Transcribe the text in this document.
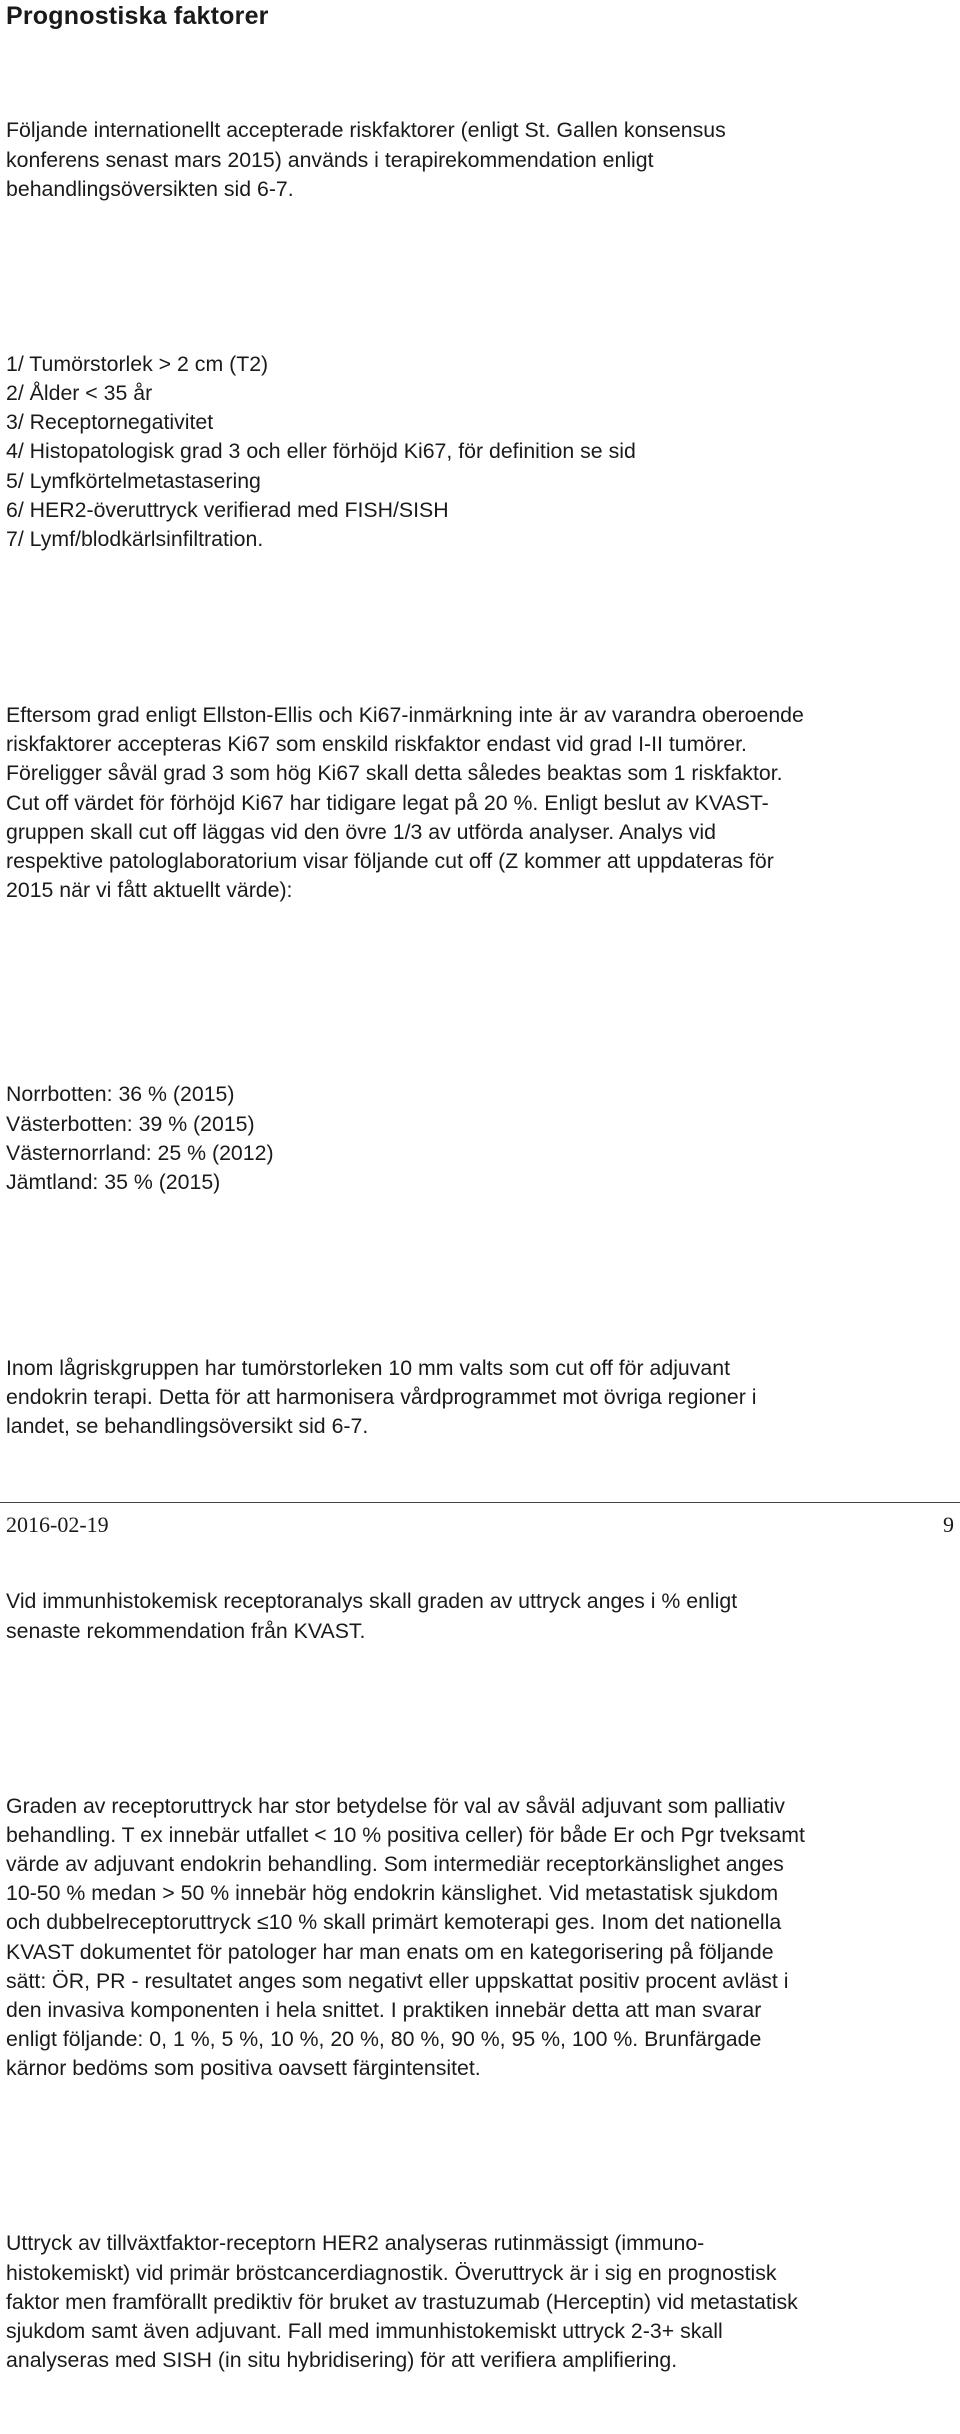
Prognostiska faktorer

Följande internationellt accepterade riskfaktorer (enligt St. Gallen konsensus
konferens senast mars 2015) används i terapirekommendation enligt
behandlingsöversikten sid 6-7.

1/ Tumörstorlek > 2 cm (T2)
2/ Ålder < 35 år
3/ Receptornegativitet
4/ Histopatologisk grad 3 och eller förhöjd Ki67, för definition se sid
5/ Lymfkörtelmetastasering
6/ HER2-överuttryck verifierad med FISH/SISH
7/ Lymf/blodkärlsinfiltration.

Eftersom grad enligt Ellston-Ellis och Ki67-inmärkning inte är av varandra oberoende
riskfaktorer accepteras Ki67 som enskild riskfaktor endast vid grad I-II tumörer.
Föreligger såväl grad 3 som hög Ki67 skall detta således beaktas som 1 riskfaktor.
Cut off värdet för förhöjd Ki67 har tidigare legat på 20 %. Enligt beslut av KVAST-
gruppen skall cut off läggas vid den övre 1/3 av utförda analyser. Analys vid
respektive patologlaboratorium visar följande cut off (Z kommer att uppdateras för
2015 när vi fått aktuellt värde):

Norrbotten: 36 % (2015)
Västerbotten: 39 % (2015)
Västernorrland: 25 % (2012)
Jämtland: 35 % (2015)

Inom lågriskgruppen har tumörstorleken 10 mm valts som cut off för adjuvant
endokrin terapi. Detta för att harmonisera vårdprogrammet mot övriga regioner i
landet, se behandlingsöversikt sid 6-7.

Vid immunhistokemisk receptoranalys skall graden av uttryck anges i % enligt
senaste rekommendation från KVAST.

Graden av receptoruttryck har stor betydelse för val av såväl adjuvant som palliativ
behandling. T ex innebär utfallet < 10 % positiva celler) för både Er och Pgr tveksamt
värde av adjuvant endokrin behandling. Som intermediär receptorkänslighet anges
10-50 % medan > 50 % innebär hög endokrin känslighet. Vid metastatisk sjukdom
och dubbelreceptoruttryck ≤10 % skall primärt kemoterapi ges. Inom det nationella
KVAST dokumentet för patologer har man enats om en kategorisering på följande
sätt: ÖR, PR - resultatet anges som negativt eller uppskattat positiv procent avläst i
den invasiva komponenten i hela snittet. I praktiken innebär detta att man svarar
enligt följande: 0, 1 %, 5 %, 10 %, 20 %, 80 %, 90 %, 95 %, 100 %. Brunfärgade
kärnor bedöms som positiva oavsett färgintensitet.

Uttryck av tillväxtfaktor-receptorn HER2 analyseras rutinmässigt (immuno-
histokemiskt) vid primär bröstcancerdiagnostik. Överuttryck är i sig en prognostisk
faktor men framförallt prediktiv för bruket av trastuzumab (Herceptin) vid metastatisk
sjukdom samt även adjuvant. Fall med immunhistokemiskt uttryck 2-3+ skall
analyseras med SISH (in situ hybridisering) för att verifiera amplifiering.

2016-02-19	9
